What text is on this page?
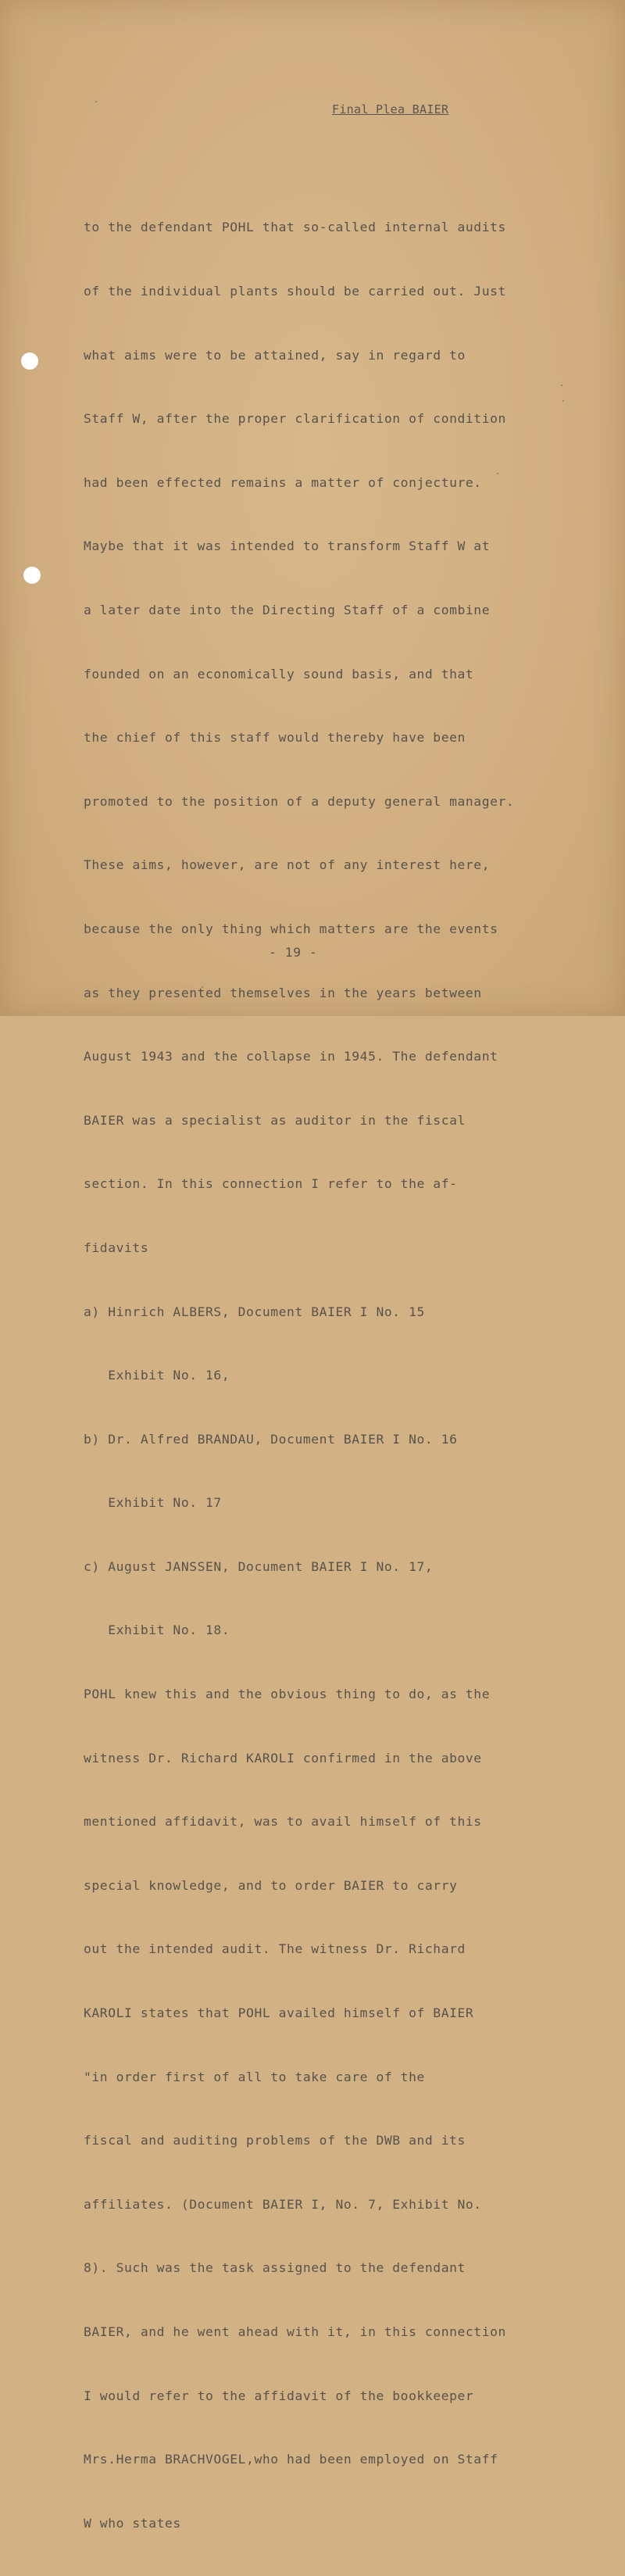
Final Plea BAIER

to the defendant POHL that so-called internal audits

of the individual plants should be carried out. Just

what aims were to be attained, say in regard to

Staff W, after the proper clarification of condition

had been effected remains a matter of conjecture.

Maybe that it was intended to transform Staff W at

a later date into the Directing Staff of a combine

founded on an economically sound basis, and that

the chief of this staff would thereby have been

promoted to the position of a deputy general manager.

These aims, however, are not of any interest here,

because the only thing which matters are the events

as they presented themselves in the years between

August 1943 and the collapse in 1945. The defendant

BAIER was a specialist as auditor in the fiscal

section. In this connection I refer to the af-

fidavits

a) Hinrich ALBERS, Document BAIER I No. 15

Exhibit No. 16,

b) Dr. Alfred BRANDAU, Document BAIER I No. 16

Exhibit No. 17

c) August JANSSEN, Document BAIER I No. 17,

Exhibit No. 18.

POHL knew this and the obvious thing to do, as the

witness Dr. Richard KAROLI confirmed in the above

mentioned affidavit, was to avail himself of this

special knowledge, and to order BAIER to carry

out the intended audit. The witness Dr. Richard

KAROLI states that POHL availed himself of BAIER

"in order first of all to take care of the

fiscal and auditing problems of the DWB and its

affiliates. (Document BAIER I, No. 7, Exhibit No.

8). Such was the task assigned to the defendant

BAIER, and he went ahead with it, in this connection

I would refer to the affidavit of the bookkeeper

Mrs.Herma BRACHVOGEL,who had been employed on Staff

W who states

- 19 -
